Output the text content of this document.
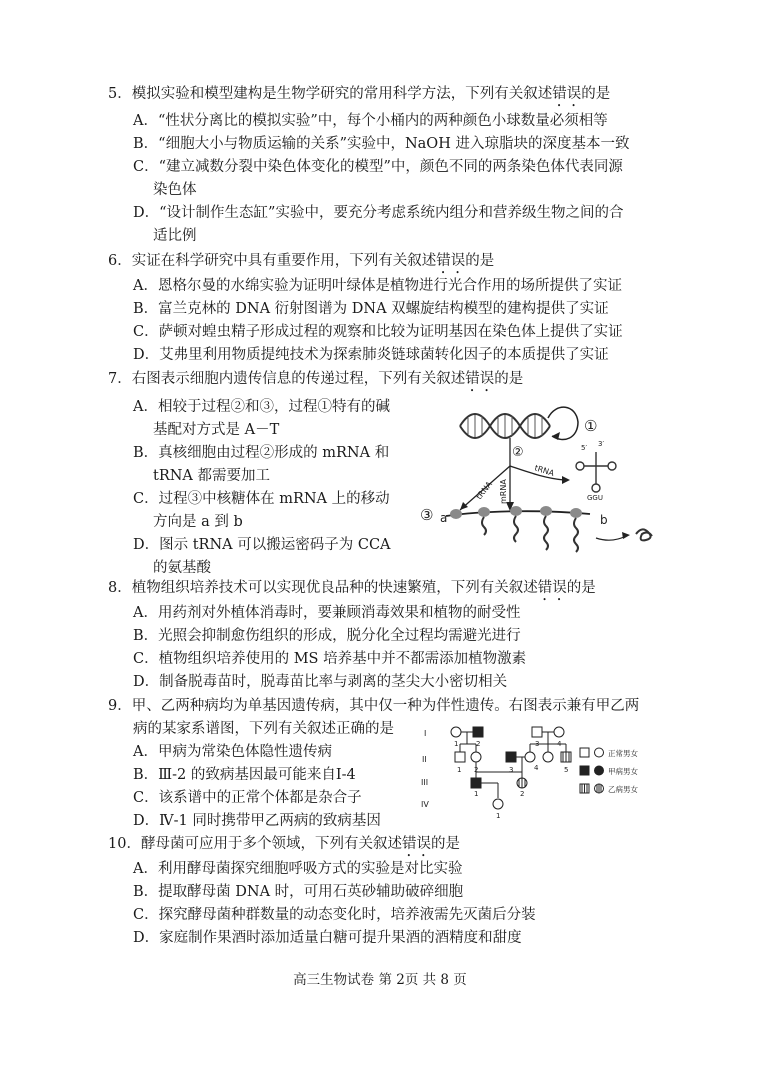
5．模拟实验和模型建构是生物学研究的常用科学方法，下列有关叙述错误的是
A．“性状分离比的模拟实验”中，每个小桶内的两种颜色小球数量必须相等
B．“细胞大小与物质运输的关系”实验中，NaOH 进入琼脂块的深度基本一致
C．“建立减数分裂中染色体变化的模型”中，颜色不同的两条染色体代表同源
染色体
D．“设计制作生态缸”实验中，要充分考虑系统内组分和营养级生物之间的合
适比例
6．实证在科学研究中具有重要作用，下列有关叙述错误的是
A．恩格尔曼的水绵实验为证明叶绿体是植物进行光合作用的场所提供了实证
B．富兰克林的 DNA 衍射图谱为 DNA 双螺旋结构模型的建构提供了实证
C．萨顿对蝗虫精子形成过程的观察和比较为证明基因在染色体上提供了实证
D．艾弗里利用物质提纯技术为探索肺炎链球菌转化因子的本质提供了实证
7．右图表示细胞内遗传信息的传递过程，下列有关叙述错误的是
A．相较于过程②和③，过程①特有的碱
基配对方式是 A－T
B．真核细胞由过程②形成的 mRNA 和
tRNA 都需要加工
C．过程③中核糖体在 mRNA 上的移动
方向是 a 到 b
D．图示 tRNA 可以搬运密码子为 CCA
的氨基酸
①
②
tRNA mRNA
tRNA
5′ 3′
GGU
③ a	b
8．植物组织培养技术可以实现优良品种的快速繁殖，下列有关叙述错误的是
A．用药剂对外植体消毒时，要兼顾消毒效果和植物的耐受性
B．光照会抑制愈伤组织的形成，脱分化全过程均需避光进行
C．植物组织培养使用的 MS 培养基中并不都需添加植物激素
D．制备脱毒苗时，脱毒苗比率与剥离的茎尖大小密切相关
9．甲、乙两种病均为单基因遗传病，其中仅一种为伴性遗传。右图表示兼有甲乙两
病的某家系谱图，下列有关叙述正确的是
A．甲病为常染色体隐性遗传病
B．Ⅲ-2 的致病基因最可能来自Ⅰ-4
C．该系谱中的正常个体都是杂合子
D．Ⅳ-1 同时携带甲乙两病的致病基因
I
II
III
IV
1	2	3	4
1 2	3	4	5
1	2
1
正常男女
甲病男女
乙病男女
10．酵母菌可应用于多个领域，下列有关叙述错误的是
A．利用酵母菌探究细胞呼吸方式的实验是对比实验
B．提取酵母菌 DNA 时，可用石英砂辅助破碎细胞
C．探究酵母菌种群数量的动态变化时，培养液需先灭菌后分装
D．家庭制作果酒时添加适量白糖可提升果酒的酒精度和甜度
高三生物试卷 第 2页 共 8 页
